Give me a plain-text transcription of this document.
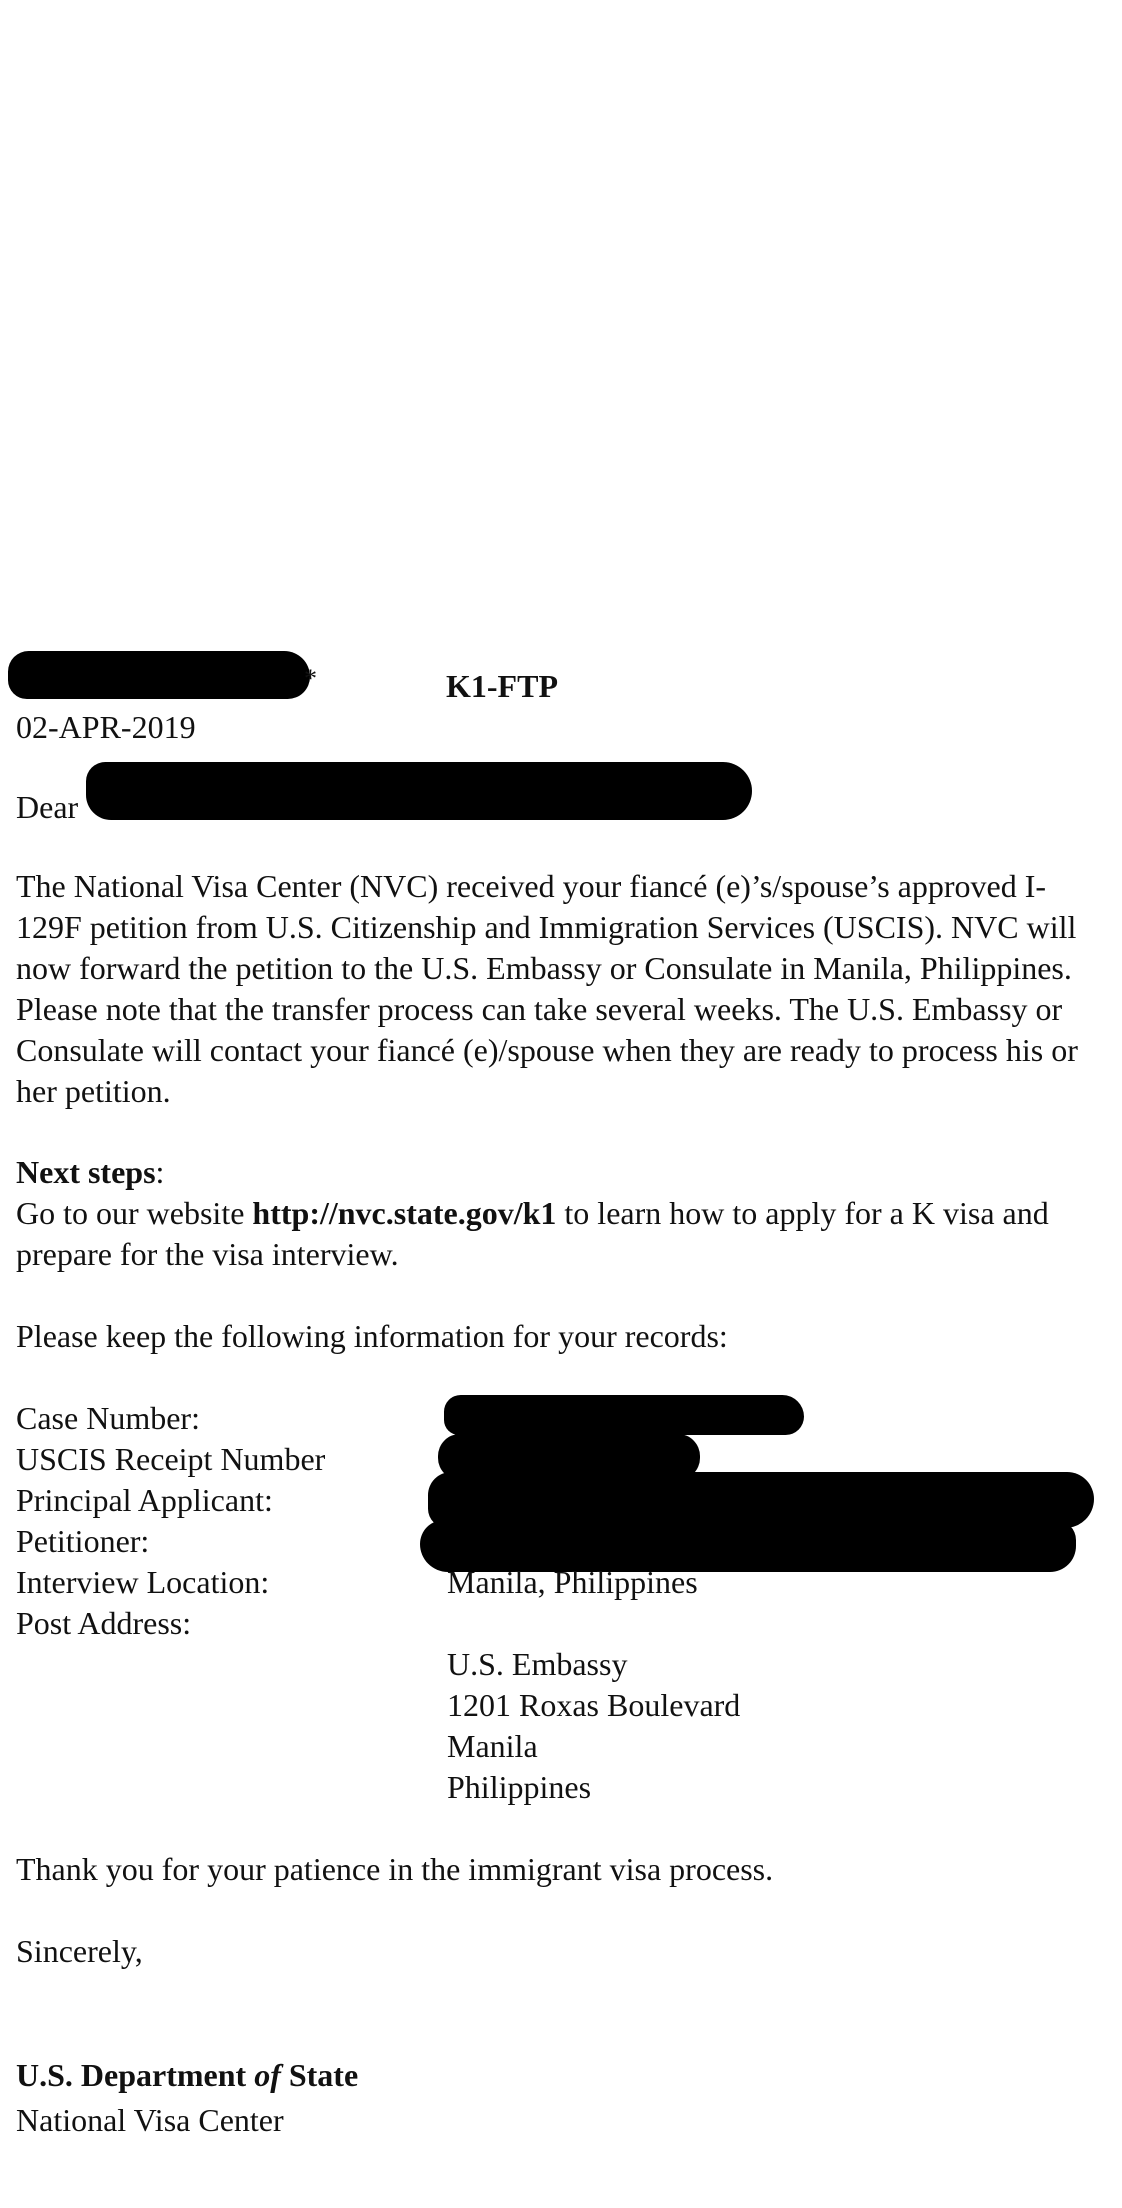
*	K1-FTP
02-APR-2019
Dear
The National Visa Center (NVC) received your fiancé (e)’s/spouse’s approved I-129F petition from U.S. Citizenship and Immigration Services (USCIS). NVC will now forward the petition to the U.S. Embassy or Consulate in Manila, Philippines. Please note that the transfer process can take several weeks. The U.S. Embassy or Consulate will contact your fiancé (e)/spouse when they are ready to process his or her petition.
Next steps:
Go to our website http://nvc.state.gov/k1 to learn how to apply for a K visa and prepare for the visa interview.
Please keep the following information for your records:
Case Number:
USCIS Receipt Number
Principal Applicant:
Petitioner:
Interview Location:
Post Address:
Manila, Philippines
U.S. Embassy
1201 Roxas Boulevard
Manila
Philippines
Thank you for your patience in the immigrant visa process.
Sincerely,
U.S. Department of State
National Visa Center
